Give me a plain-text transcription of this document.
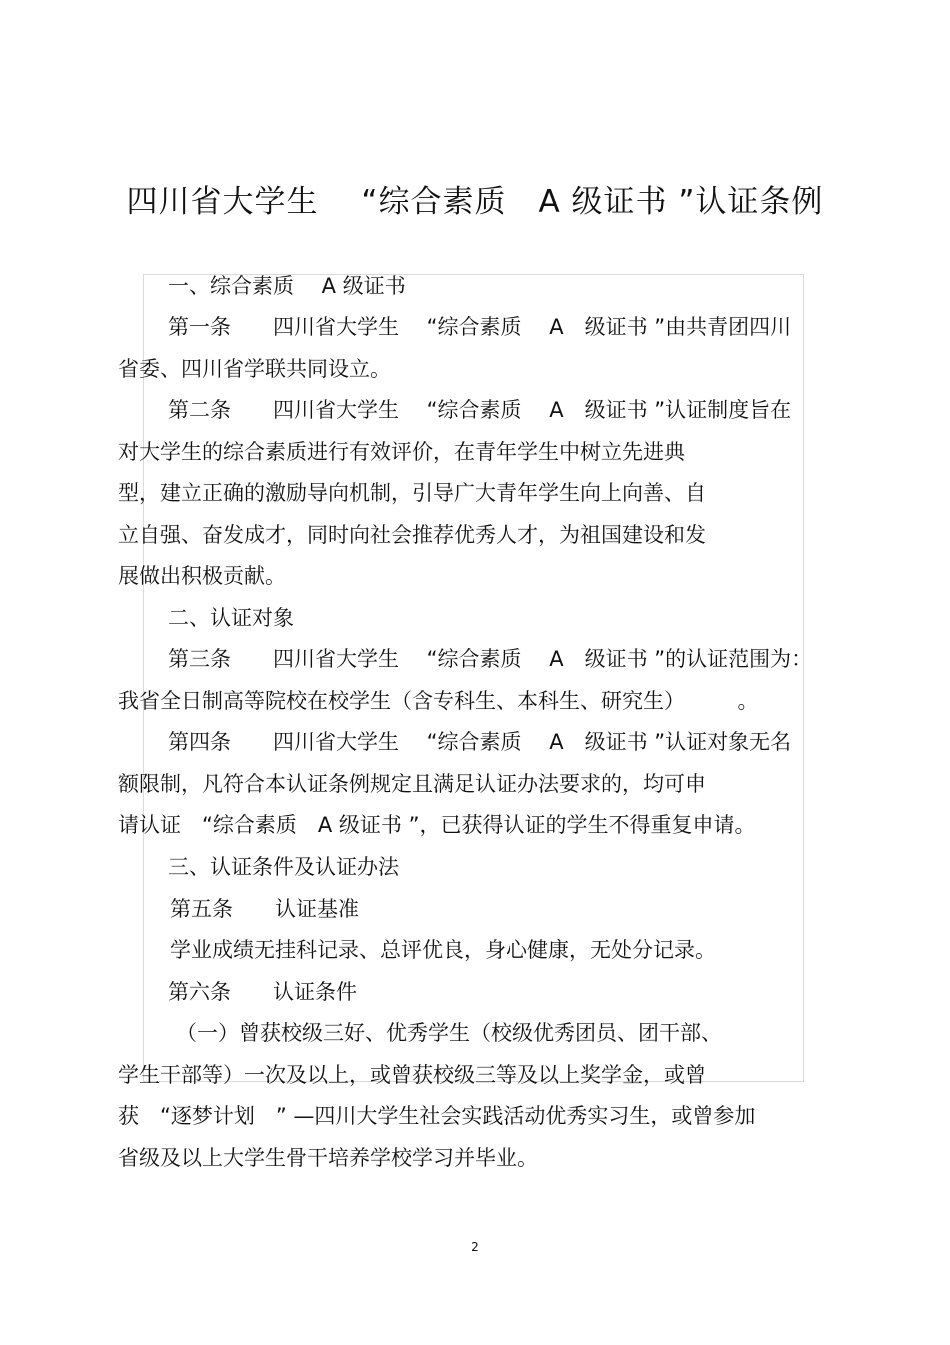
四川省大学生　 “综合素质　A 级证书 ”认证条例
一、综合素质　 A 级证书
第一条　　四川省大学生　 “综合素质　 A　级证书 ”由共青团四川
省委、四川省学联共同设立。
第二条　　四川省大学生　 “综合素质　 A　级证书 ”认证制度旨在
对大学生的综合素质进行有效评价，在青年学生中树立先进典
型，建立正确的激励导向机制，引导广大青年学生向上向善、自
立自强、奋发成才，同时向社会推荐优秀人才，为祖国建设和发
展做出积极贡献。
二、认证对象
第三条　　四川省大学生　 “综合素质　 A　级证书 ”的认证范围为：
我省全日制高等院校在校学生（含专科生、本科生、研究生）　　　。
第四条　　四川省大学生　 “综合素质　 A　级证书 ”认证对象无名
额限制，凡符合本认证条例规定且满足认证办法要求的，均可申
请认证　“综合素质　A 级证书 ”，已获得认证的学生不得重复申请。
三、认证条件及认证办法
第五条　　认证基准
学业成绩无挂科记录、总评优良，身心健康，无处分记录。
第六条　　认证条件
（一）曾获校级三好、优秀学生（校级优秀团员、团干部、
学生干部等）一次及以上，或曾获校级三等及以上奖学金，或曾
获　“逐梦计划　” —四川大学生社会实践活动优秀实习生，或曾参加
省级及以上大学生骨干培养学校学习并毕业。
2
